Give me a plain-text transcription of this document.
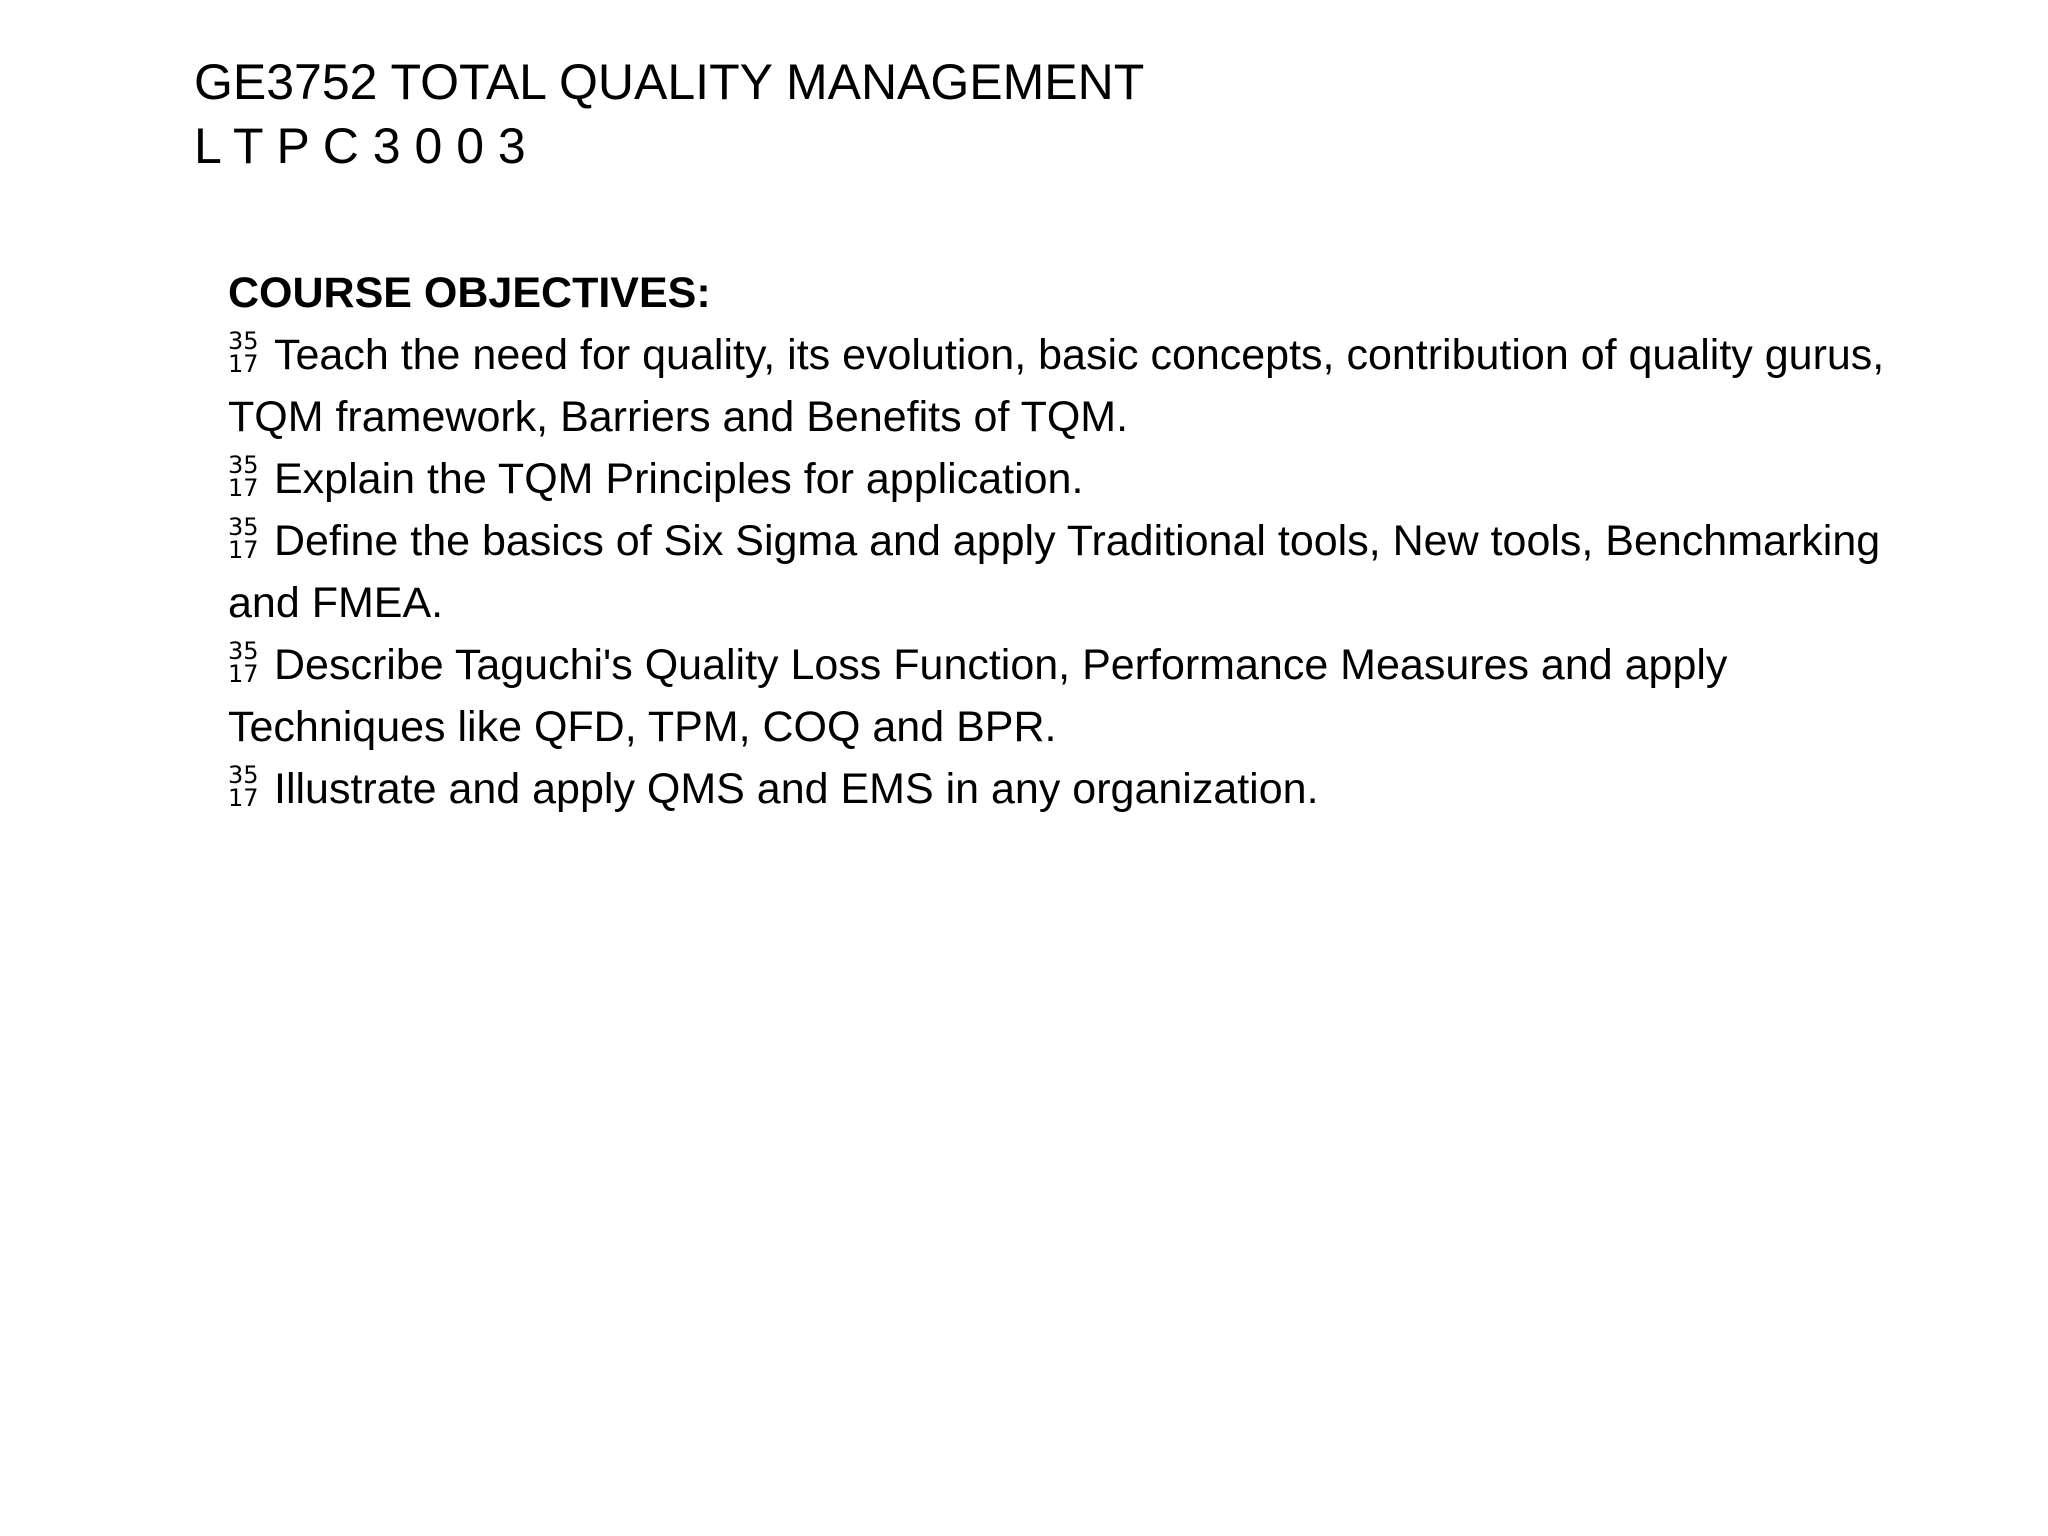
GE3752 TOTAL QUALITY MANAGEMENT
L T P C 3 0 0 3
COURSE OBJECTIVES:
35
17 Teach the need for quality, its evolution, basic concepts, contribution of quality gurus, TQM framework, Barriers and Benefits of TQM.
35
17 Explain the TQM Principles for application.
35
17 Define the basics of Six Sigma and apply Traditional tools, New tools, Benchmarking and FMEA.
35
17 Describe Taguchi's Quality Loss Function, Performance Measures and apply Techniques like QFD, TPM, COQ and BPR.
35
17 Illustrate and apply QMS and EMS in any organization.
